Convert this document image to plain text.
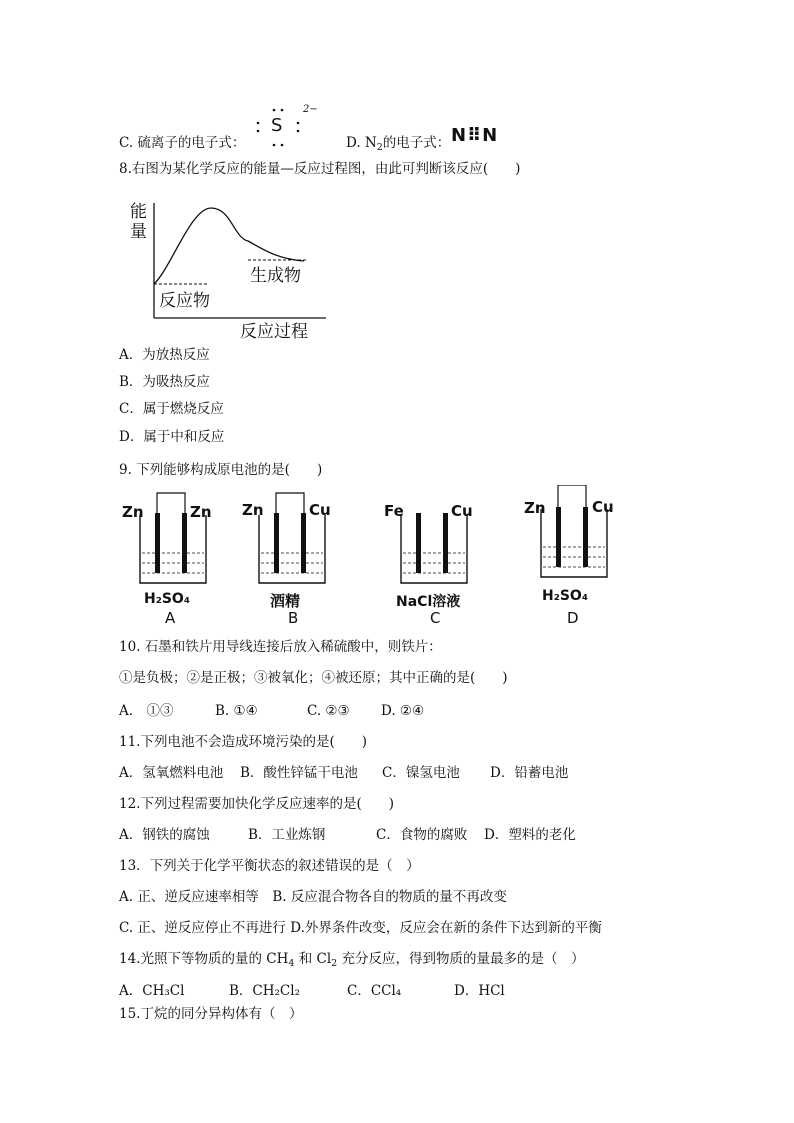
C. 硫离子的电子式：
S
2−
D. $N_2$的电子式： N⠿N
8.右图为某化学反应的能量—反应过程图，由此可判断该反应(　　)
能
量
反应物
生成物
反应过程
A．为放热反应
B．为吸热反应
C．属于燃烧反应
D．属于中和反应
9. 下列能够构成原电池的是(　　)
Zn	Zn
H₂SO₄
A
Zn	Cu
酒精
B
Fe	Cu
NaCl溶液
C
Zn	Cu
H₂SO₄
D
10. 石墨和铁片用导线连接后放入稀硫酸中，则铁片：
①是负极；②是正极；③被氧化；④被还原；其中正确的是(　　)
A.　①③	B. ①④	C. ②③ D. ②④
11.下列电池不会造成环境污染的是(　　)
A．氢氧燃料电池 B．酸性锌锰干电池 C．镍氢电池 D．铅蓄电池
12.下列过程需要加快化学反应速率的是(　　)
A．钢铁的腐蚀	B．工业炼钢	C．食物的腐败 D．塑料的老化
13．下列关于化学平衡状态的叙述错误的是（　）
A. 正、逆反应速率相等　B. 反应混合物各自的物质的量不再改变
C. 正、逆反应停止不再进行 D.外界条件改变，反应会在新的条件下达到新的平衡
14.光照下等物质的量的 $CH_4$ 和 $Cl_2$ 充分反应，得到物质的量最多的是（　）
A．CH₃Cl	B．CH₂Cl₂	C．CCl₄	D．HCl
15.丁烷的同分异构体有（　）
